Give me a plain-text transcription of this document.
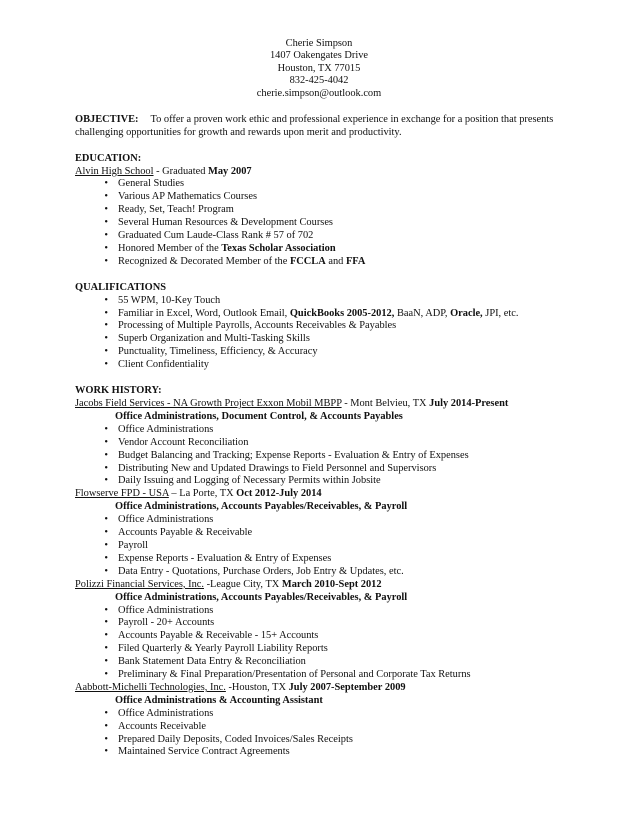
Cherie Simpson
1407 Oakengates Drive
Houston, TX 77015
832-425-4042
cherie.simpson@outlook.com

OBJECTIVE: To offer a proven work ethic and professional experience in exchange for a position that presents challenging opportunities for growth and rewards upon merit and productivity.

EDUCATION:
Alvin High School - Graduated May 2007
• General Studies
• Various AP Mathematics Courses
• Ready, Set, Teach! Program
• Several Human Resources & Development Courses
• Graduated Cum Laude-Class Rank # 57 of 702
• Honored Member of the Texas Scholar Association
• Recognized & Decorated Member of the FCCLA and FFA
QUALIFICATIONS
• 55 WPM, 10-Key Touch
• Familiar in Excel, Word, Outlook Email, QuickBooks 2005-2012, BaaN, ADP, Oracle, JPI, etc.
• Processing of Multiple Payrolls, Accounts Receivables & Payables
• Superb Organization and Multi-Tasking Skills
• Punctuality, Timeliness, Efficiency, & Accuracy
• Client Confidentiality
WORK HISTORY:
Jacobs Field Services - NA Growth Project Exxon Mobil MBPP - Mont Belvieu, TX July 2014-Present
Office Administrations, Document Control, & Accounts Payables
• Office Administrations
• Vendor Account Reconciliation
• Budget Balancing and Tracking; Expense Reports - Evaluation & Entry of Expenses
• Distributing New and Updated Drawings to Field Personnel and Supervisors
• Daily Issuing and Logging of Necessary Permits within Jobsite
Flowserve FPD - USA – La Porte, TX Oct 2012-July 2014
Office Administrations, Accounts Payables/Receivables, & Payroll
• Office Administrations
• Accounts Payable & Receivable
• Payroll
• Expense Reports - Evaluation & Entry of Expenses
• Data Entry - Quotations, Purchase Orders, Job Entry & Updates, etc.
Polizzi Financial Services, Inc. -League City, TX March 2010-Sept 2012
Office Administrations, Accounts Payables/Receivables, & Payroll
• Office Administrations
• Payroll - 20+ Accounts
• Accounts Payable & Receivable - 15+ Accounts
• Filed Quarterly & Yearly Payroll Liability Reports
• Bank Statement Data Entry & Reconciliation
• Preliminary & Final Preparation/Presentation of Personal and Corporate Tax Returns
Aabbott-Michelli Technologies, Inc. -Houston, TX July 2007-September 2009
Office Administrations & Accounting Assistant
• Office Administrations
• Accounts Receivable
• Prepared Daily Deposits, Coded Invoices/Sales Receipts
• Maintained Service Contract Agreements
